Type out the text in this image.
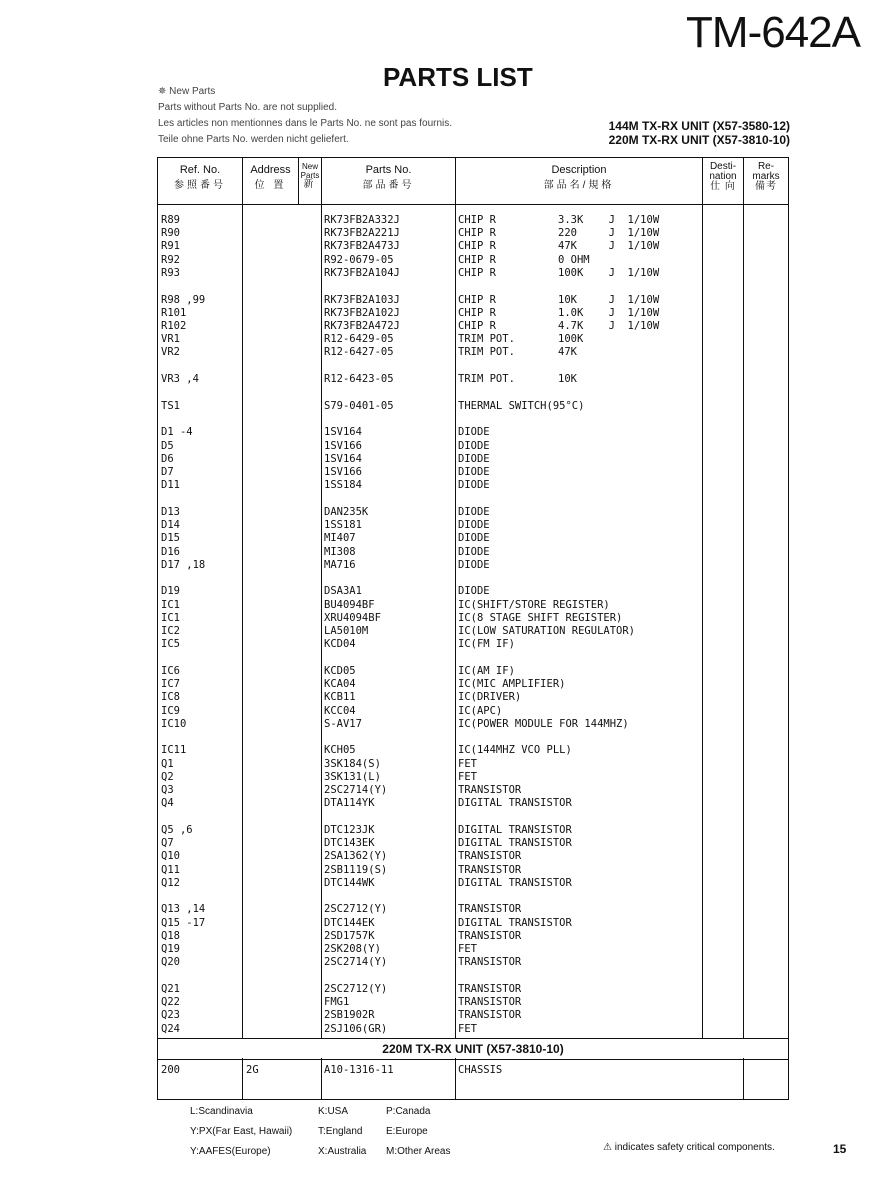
TM-642A
PARTS LIST
✵ New Parts
Parts without Parts No. are not supplied.
Les articles non mentionnes dans le Parts No. ne sont pas fournis.
Teile ohne Parts No. werden nicht geliefert.
144M TX-RX UNIT (X57-3580-12)
220M TX-RX UNIT (X57-3810-10)
Ref. No.
参照番号
Address
位 置
New Parts
新
Parts No.
部品番号
Description
部品名/規格
Desti- nation
仕 向
Re- marks
備考
R89	RK73FB2A332J	CHIP R	3.3K    J  1/10W
R90	RK73FB2A221J	CHIP R	220     J  1/10W
R91	RK73FB2A473J	CHIP R	47K     J  1/10W
R92	R92-0679-05	CHIP R	0 OHM
R93	RK73FB2A104J	CHIP R	100K    J  1/10W
R98 ,99	RK73FB2A103J	CHIP R	10K     J  1/10W
R101	RK73FB2A102J	CHIP R	1.0K    J  1/10W
R102	RK73FB2A472J	CHIP R	4.7K    J  1/10W
VR1	R12-6429-05	TRIM POT.	100K
VR2	R12-6427-05	TRIM POT.	47K
VR3 ,4	R12-6423-05	TRIM POT.	10K
TS1	S79-0401-05	THERMAL SWITCH(95°C)
D1 -4	1SV164	DIODE
D5	1SV166	DIODE
D6	1SV164	DIODE
D7	1SV166	DIODE
D11	1SS184	DIODE
D13	DAN235K	DIODE
D14	1SS181	DIODE
D15	MI407	DIODE
D16	MI308	DIODE
D17 ,18	MA716	DIODE
D19	DSA3A1	DIODE
IC1	BU4094BF	IC(SHIFT/STORE REGISTER)
IC1	XRU4094BF	IC(8 STAGE SHIFT REGISTER)
IC2	LA5010M	IC(LOW SATURATION REGULATOR)
IC5	KCD04	IC(FM IF)
IC6	KCD05	IC(AM IF)
IC7	KCA04	IC(MIC AMPLIFIER)
IC8	KCB11	IC(DRIVER)
IC9	KCC04	IC(APC)
IC10	S-AV17	IC(POWER MODULE FOR 144MHZ)
IC11	KCH05	IC(144MHZ VCO PLL)
Q1	3SK184(S)	FET
Q2	3SK131(L)	FET
Q3	2SC2714(Y)	TRANSISTOR
Q4	DTA114YK	DIGITAL TRANSISTOR
Q5 ,6	DTC123JK	DIGITAL TRANSISTOR
Q7	DTC143EK	DIGITAL TRANSISTOR
Q10	2SA1362(Y)	TRANSISTOR
Q11	2SB1119(S)	TRANSISTOR
Q12	DTC144WK	DIGITAL TRANSISTOR
Q13 ,14	2SC2712(Y)	TRANSISTOR
Q15 -17	DTC144EK	DIGITAL TRANSISTOR
Q18	2SD1757K	TRANSISTOR
Q19	2SK208(Y)	FET
Q20	2SC2714(Y)	TRANSISTOR
Q21	2SC2712(Y)	TRANSISTOR
Q22	FMG1	TRANSISTOR
Q23	2SB1902R	TRANSISTOR
Q24	2SJ106(GR)	FET
220M TX-RX UNIT (X57-3810-10)
200	2G	A10-1316-11	CHASSIS
L:Scandinavia
Y:PX(Far East, Hawaii)
Y:AAFES(Europe)
K:USA
T:England
X:Australia
P:Canada
E:Europe
M:Other Areas	⚠ indicates safety critical components.	15
